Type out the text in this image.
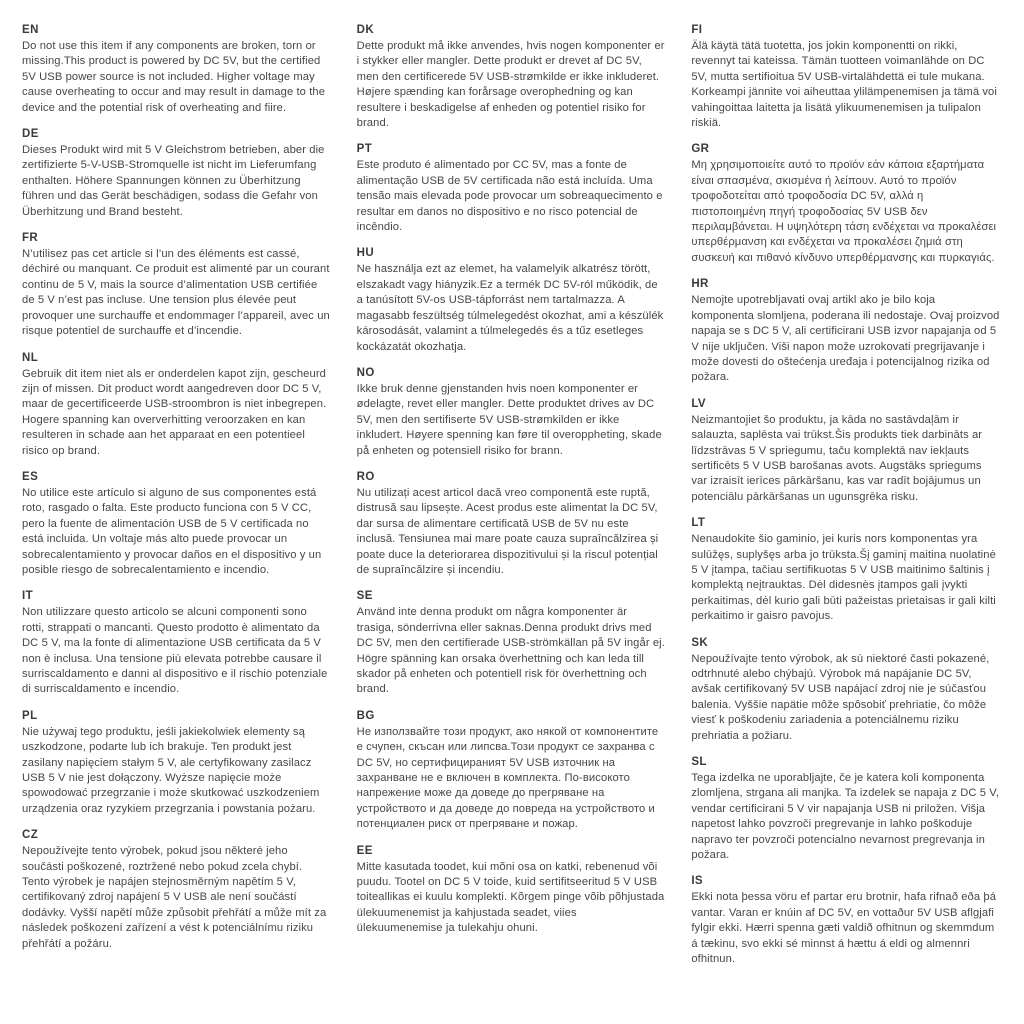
EN

Do not use this item if any components are broken, torn or missing.This product is powered by DC 5V, but the certified 5V USB power source is not included. Higher voltage may cause overheating to occur and may result in damage to the device and the potential risk of overheating and fiire.

DE

Dieses Produkt wird mit 5 V Gleichstrom betrieben, aber die zertifizierte 5-V-USB-Stromquelle ist nicht im Lieferumfang enthalten. Höhere Spannungen können zu Überhitzung führen und das Gerät beschädigen, sodass die Gefahr von Überhitzung und Brand besteht.

FR

N’utilisez pas cet article si l’un des éléments est cassé, déchiré ou manquant. Ce produit est alimenté par un courant continu de 5 V, mais la source d’alimentation USB certifiée de 5 V n’est pas incluse. Une tension plus élevée peut provoquer une surchauffe et endommager l’appareil, avec un risque potentiel de surchauffe et d’incendie.

NL

Gebruik dit item niet als er onderdelen kapot zijn, gescheurd zijn of missen. Dit product wordt aangedreven door DC 5 V, maar de gecertificeerde USB-stroombron is niet inbegrepen. Hogere spanning kan oververhitting veroorzaken en kan resulteren in schade aan het apparaat en een potentieel risico op brand.

ES

No utilice este artículo si alguno de sus componentes está roto, rasgado o falta. Este producto funciona con 5 V CC, pero la fuente de alimentación USB de 5 V certificada no está incluida. Un voltaje más alto puede provocar un sobrecalentamiento y provocar daños en el dispositivo y un posible riesgo de sobrecalentamiento e incendio.

IT

Non utilizzare questo articolo se alcuni componenti sono rotti, strappati o mancanti. Questo prodotto è alimentato da DC 5 V, ma la fonte di alimentazione USB certificata da 5 V non è inclusa. Una tensione più elevata potrebbe causare il surriscaldamento e danni al dispositivo e il rischio potenziale di surriscaldamento e incendio.

PL

Nie używaj tego produktu, jeśli jakiekolwiek elementy są uszkodzone, podarte lub ich brakuje. Ten produkt jest zasilany napięciem stałym 5 V, ale certyfikowany zasilacz USB 5 V nie jest dołączony. Wyższe napięcie może spowodować przegrzanie i może skutkować uszkodzeniem urządzenia oraz ryzykiem przegrzania i powstania pożaru.

CZ

Nepoužívejte tento výrobek, pokud jsou některé jeho součásti poškozené, roztržené nebo pokud zcela chybí. Tento výrobek je napájen stejnosměrným napětím 5 V, certifikovaný zdroj napájení 5 V USB ale není součástí dodávky. Vyšší napětí může způsobit přehřátí a může mít za následek poškození zařízení a vést k potenciálnímu riziku přehřátí a požáru.

DK

Dette produkt må ikke anvendes, hvis nogen komponenter er i stykker eller mangler. Dette produkt er drevet af DC 5V, men den certificerede 5V USB-strømkilde er ikke inkluderet. Højere spænding kan forårsage overophedning og kan resultere i beskadigelse af enheden og potentiel risiko for brand.

PT

Este produto é alimentado por CC 5V, mas a fonte de alimentação USB de 5V certificada não está incluída. Uma tensão mais elevada pode provocar um sobreaquecimento e resultar em danos no dispositivo e no risco potencial de incêndio.

HU

Ne használja ezt az elemet, ha valamelyik alkatrész törött, elszakadt vagy hiányzik.Ez a termék DC 5V-ról működik, de a tanúsított 5V-os USB-tápforrást nem tartalmazza. A magasabb feszültség túlmelegedést okozhat, ami a készülék károsodását, valamint a túlmelegedés és a tűz esetleges kockázatát okozhatja.

NO

Ikke bruk denne gjenstanden hvis noen komponenter er ødelagte, revet eller mangler. Dette produktet drives av DC 5V, men den sertifiserte 5V USB-strømkilden er ikke inkludert. Høyere spenning kan føre til overoppheting, skade på enheten og potensiell risiko for brann.

RO

Nu utilizați acest articol dacă vreo componentă este ruptă, distrusă sau lipsește. Acest produs este alimentat la DC 5V, dar sursa de alimentare certificată USB de 5V nu este inclusă. Tensiunea mai mare poate cauza supraîncălzirea și poate duce la deteriorarea dispozitivului și la riscul potențial de supraîncălzire și incendiu.

SE

Använd inte denna produkt om några komponenter är trasiga, sönderrivna eller saknas.Denna produkt drivs med DC 5V, men den certifierade USB-strömkällan på 5V ingår ej. Högre spänning kan orsaka överhettning och kan leda till skador på enheten och potentiell risk för överhettning och brand.

BG

Не използвайте този продукт, ако някой от компонентите е счупен, скъсан или липсва.Този продукт се захранва с DC 5V, но сертифицираният 5V USB източник на захранване не е включен в комплекта. По-високото напрежение може да доведе до прегряване на устройството и да доведе до повреда на устройството и потенциален риск от прегряване и пожар.

EE

Mitte kasutada toodet, kui mõni osa on katki, rebenenud või puudu. Tootel on DC 5 V toide, kuid sertifitseeritud 5 V USB toiteallikas ei kuulu komplekti. Kõrgem pinge võib põhjustada ülekuumenemist ja kahjustada seadet, viies ülekuumenemise ja tulekahju ohuni.

FI

Älä käytä tätä tuotetta, jos jokin komponentti on rikki, revennyt tai kateissa. Tämän tuotteen voimanlähde on DC 5V, mutta sertifioitua 5V USB-virtalähdettä ei tule mukana. Korkeampi jännite voi aiheuttaa ylilämpenemisen ja tämä voi vahingoittaa laitetta ja lisätä ylikuumenemisen ja tulipalon riskiä.

GR

Μη χρησιμοποιείτε αυτό το προϊόν εάν κάποια εξαρτήματα είναι σπασμένα, σκισμένα ή λείπουν. Αυτό το προϊόν τροφοδοτείται από τροφοδοσία DC 5V, αλλά η πιστοποιημένη πηγή τροφοδοσίας 5V USB δεν περιλαμβάνεται. Η υψηλότερη τάση ενδέχεται να προκαλέσει υπερθέρμανση και ενδέχεται να προκαλέσει ζημιά στη συσκευή και πιθανό κίνδυνο υπερθέρμανσης και πυρκαγιάς.

HR

Nemojte upotrebljavati ovaj artikl ako je bilo koja komponenta slomljena, poderana ili nedostaje. Ovaj proizvod napaja se s DC 5 V, ali certificirani USB izvor napajanja od 5 V nije uključen. Viši napon može uzrokovati pregrijavanje i može dovesti do oštećenja uređaja i potencijalnog rizika od požara.

LV

Neizmantojiet šo produktu, ja kāda no sastāvdaļām ir salauzta, saplēsta vai trūkst.Šis produkts tiek darbināts ar līdzstrāvas 5 V spriegumu, taču komplektā nav iekļauts sertificēts 5 V USB barošanas avots. Augstāks spriegums var izraisīt ierīces pārkāršanu, kas var radīt bojājumus un potenciālu pārkāršanas un ugunsgrēka risku.

LT

Nenaudokite šio gaminio, jei kuris nors komponentas yra sulūžęs, suplyšęs arba jo trūksta.Šį gaminį maitina nuolatinė 5 V įtampa, tačiau sertifikuotas 5 V USB maitinimo šaltinis į komplektą neįtrauktas. Dėl didesnės įtampos gali įvykti perkaitimas, dėl kurio gali būti pažeistas prietaisas ir gali kilti perkaitimo ir gaisro pavojus.

SK

Nepoužívajte tento výrobok, ak sú niektoré časti pokazené, odtrhnuté alebo chýbajú. Výrobok má napájanie DC 5V, avšak certifikovaný 5V USB napájací zdroj nie je súčasťou balenia. Vyššie napätie môže spôsobiť prehriatie, čo môže viesť k poškodeniu zariadenia a potenciálnemu riziku prehriatia a požiaru.

SL

Tega izdelka ne uporabljajte, če je katera koli komponenta zlomljena, strgana ali manjka. Ta izdelek se napaja z DC 5 V, vendar certificirani 5 V vir napajanja USB ni priložen. Višja napetost lahko povzroči pregrevanje in lahko poškoduje napravo ter povzroči potencialno nevarnost pregrevanja in požara.

IS

Ekki nota þessa vöru ef partar eru brotnir, hafa rifnað eða þá vantar. Varan er knúin af DC 5V, en vottaður 5V USB aflgjafi fylgir ekki. Hærri spenna gæti valdið ofhitnun og skemmdum á tækinu, svo ekki sé minnst á hættu á eldi og almennri ofhitnun.
